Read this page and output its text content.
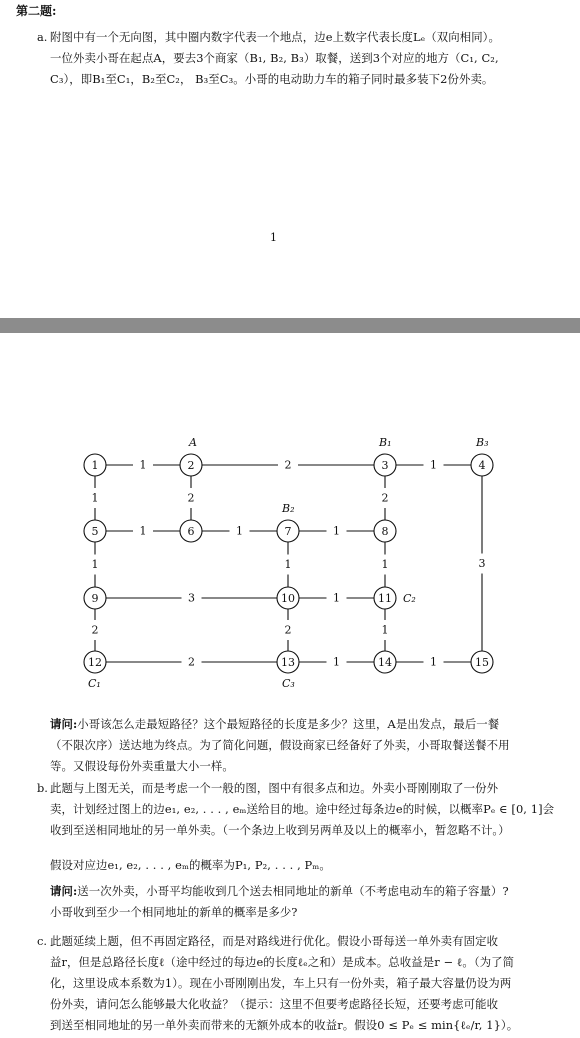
第二题:
a. 附图中有一个无向图，其中圈内数字代表一个地点，边e上数字代表长度Lₑ（双向相同）。
一位外卖小哥在起点A，要去3个商家（B₁, B₂, B₃）取餐，送到3个对应的地方（C₁, C₂,
C₃），即B₁至C₁，B₂至C₂， B₃至C₃。小哥的电动助力车的箱子同时最多装下2份外卖。
1
1	2	1
1	2	2
3
1	1	1
1	1	1
3	1
2	2	1
2	1	1
1	2	3	4
5	6	7	8
9	10	11
12	13	14	15
A	B₁	B₃
B₂
C₂
C₁	C₃
请问:小哥该怎么走最短路径？这个最短路径的长度是多少？这里，A是出发点，最后一餐
（不限次序）送达地为终点。为了简化问题，假设商家已经备好了外卖，小哥取餐送餐不用
等。又假设每份外卖重量大小一样。
b. 此题与上图无关，而是考虑一个一般的图，图中有很多点和边。外卖小哥刚刚取了一份外
卖，计划经过图上的边e₁, e₂, . . . , eₘ送给目的地。途中经过每条边e的时候，以概率Pₑ ∈ [0, 1]会
收到至送相同地址的另一单外卖。（一个条边上收到另两单及以上的概率小，暂忽略不计。）
假设对应边e₁, e₂, . . . , eₘ的概率为P₁, P₂, . . . , Pₘ。
请问:送一次外卖，小哥平均能收到几个送去相同地址的新单（不考虑电动车的箱子容量）?
小哥收到至少一个相同地址的新单的概率是多少?
c. 此题延续上题，但不再固定路径，而是对路线进行优化。假设小哥每送一单外卖有固定收
益r，但是总路径长度ℓ（途中经过的每边e的长度ℓₑ之和）是成本。总收益是r − ℓ。（为了简
化，这里设成本系数为1）。现在小哥刚刚出发，车上只有一份外卖，箱子最大容量仍设为两
份外卖，请问怎么能够最大化收益？（提示：这里不但要考虑路径长短，还要考虑可能收
到送至相同地址的另一单外卖而带来的无额外成本的收益r。假设0 ≤ Pₑ ≤ min{ℓₑ/r, 1}）。
